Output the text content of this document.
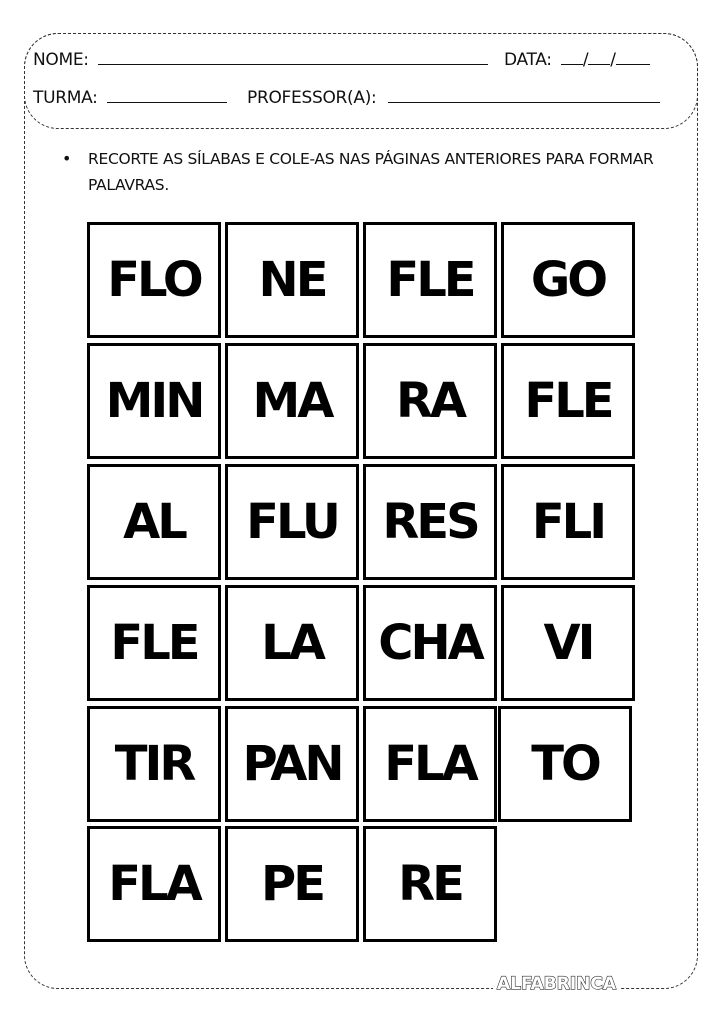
NOME:	DATA: / /
TURMA:	PROFESSOR(A):
• RECORTE AS SÍLABAS E COLE-AS NAS PÁGINAS ANTERIORES PARA FORMAR PALAVRAS.
FLO	NE	FLE	GO
MIN	MA	RA	FLE
AL	FLU RES	FLI
FLE	LA	CHA	VI
TIR	PAN FLA	TO
FLA	PE	RE
ALFABRINCA
